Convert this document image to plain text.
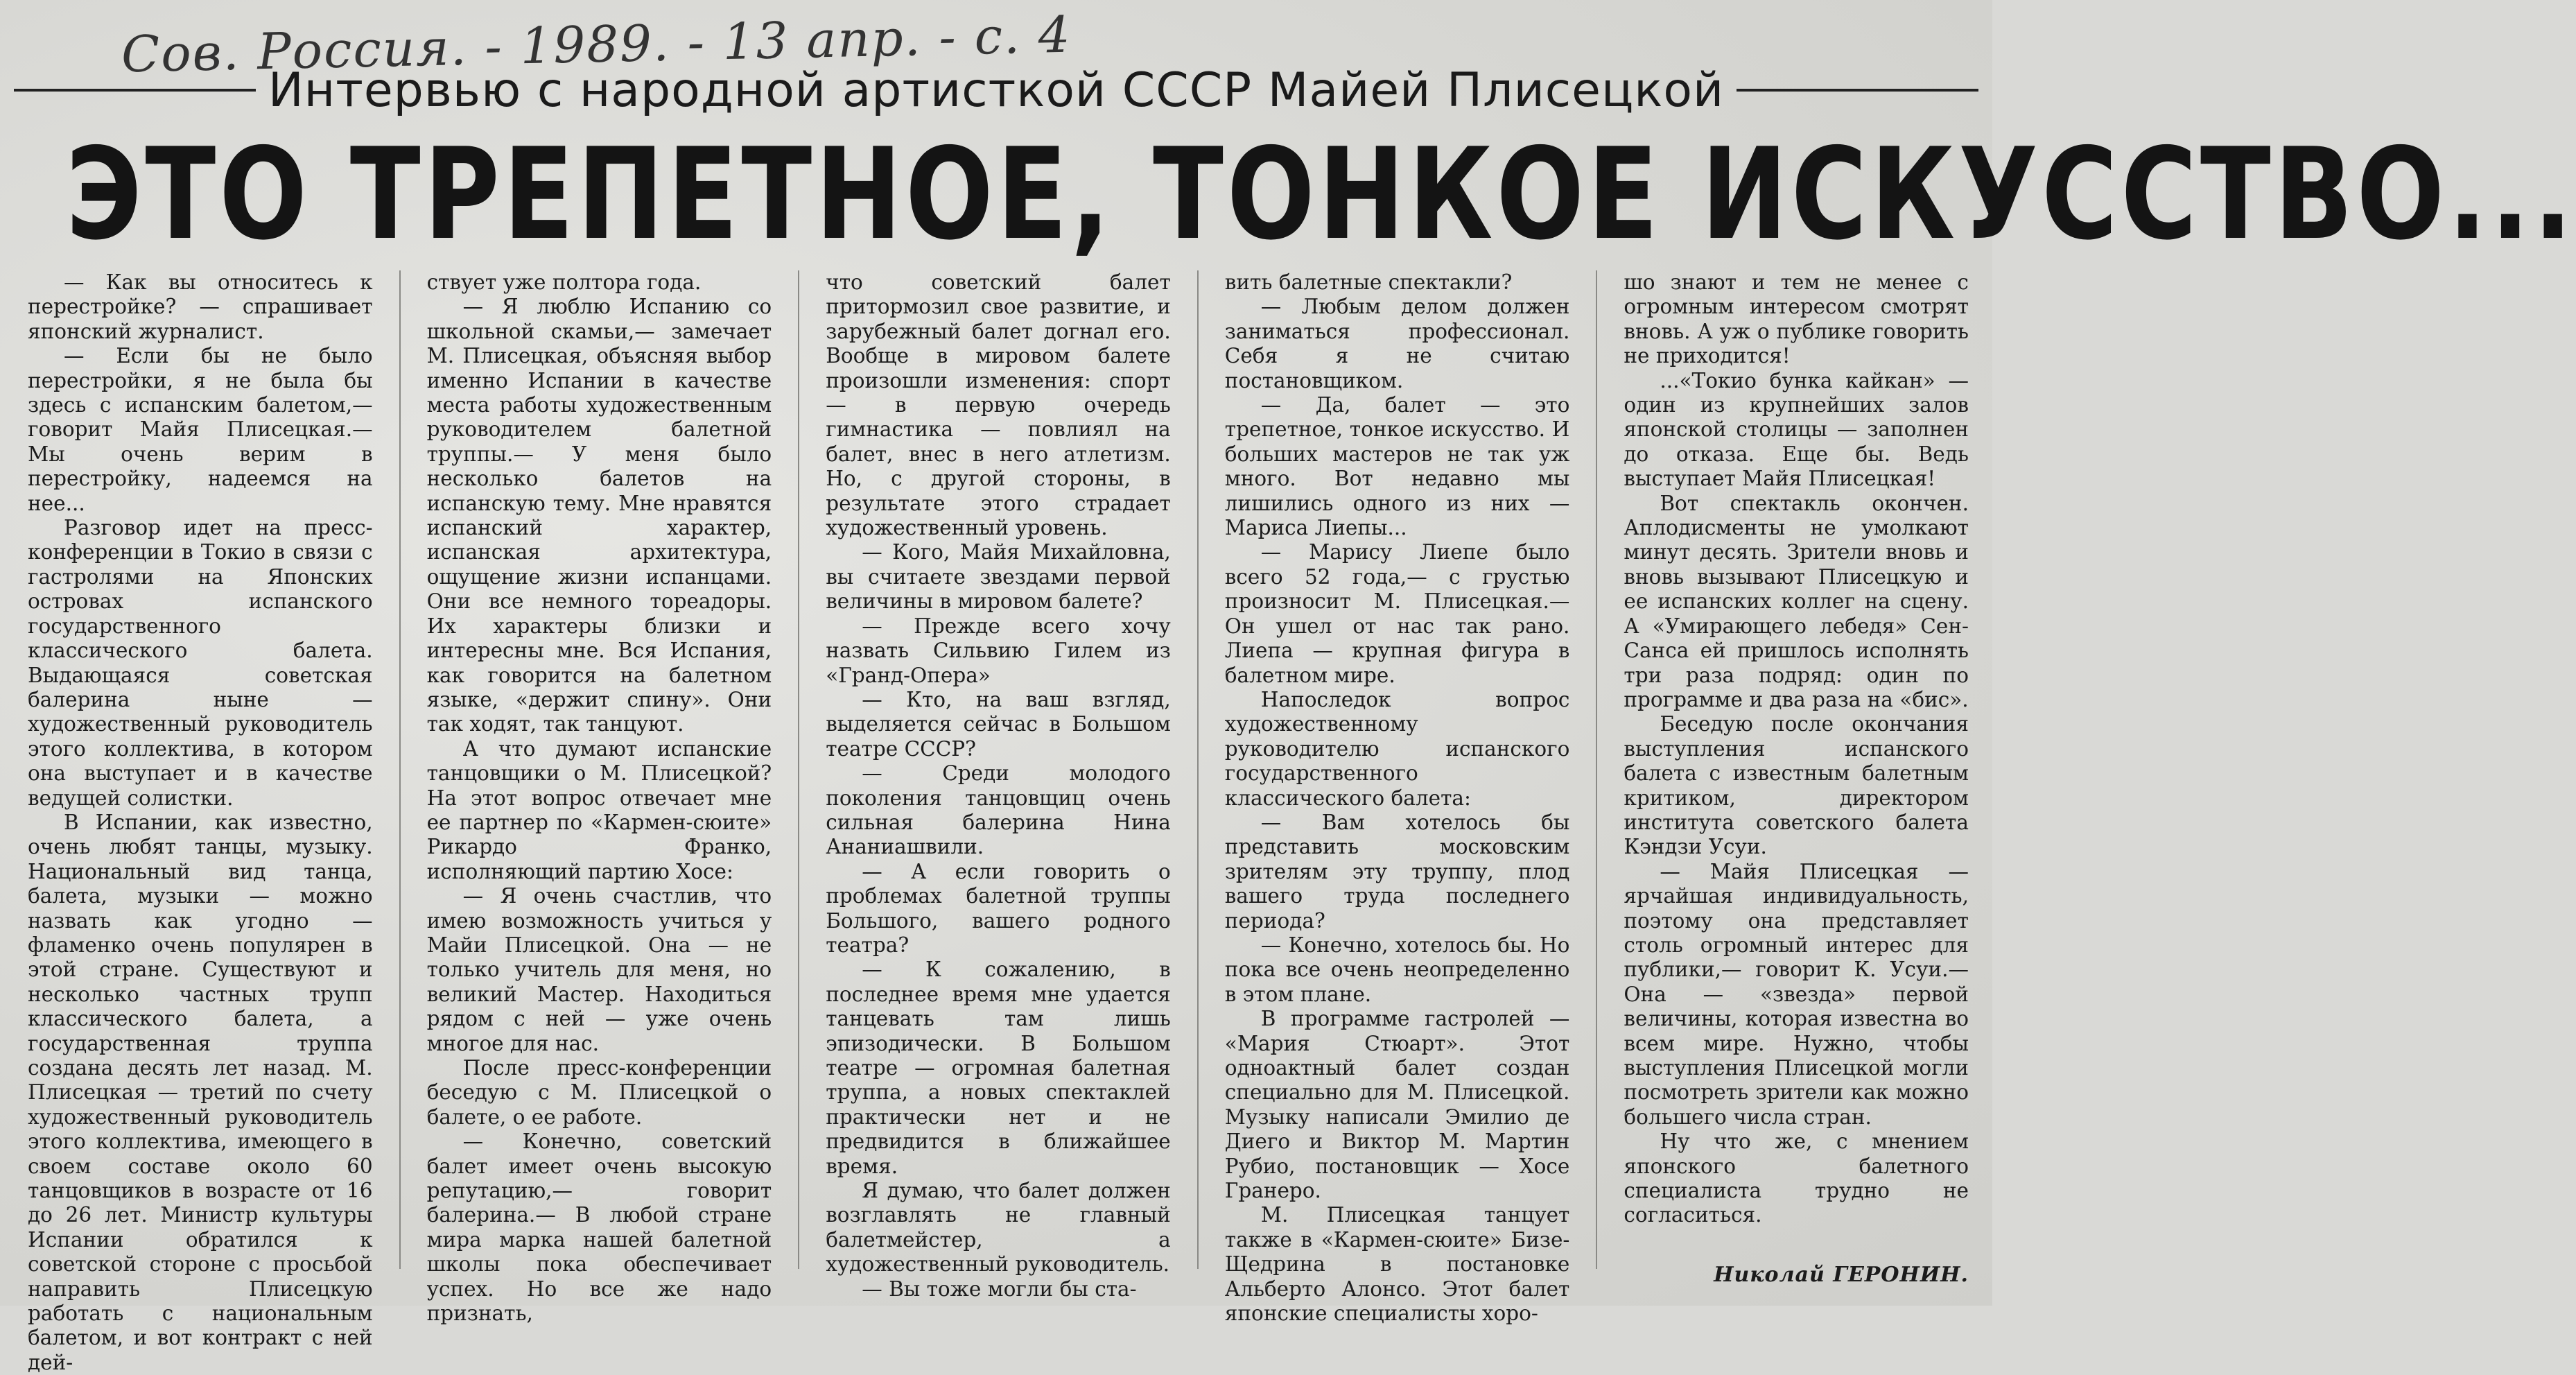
Сов. Россия. - 1989. - 13 апр. - с. 4
Интервью с народной артисткой СССР Майей Плисецкой
ЭТО ТРЕПЕТНОЕ, ТОНКОЕ ИСКУССТВО...

— Как вы относитесь к перестройке? — спрашивает японский журналист.

— Если бы не было перестройки, я не была бы здесь с испанским балетом,— говорит Майя Плисецкая.— Мы очень верим в перестройку, надеемся на нее...

Разговор идет на пресс-конференции в Токио в связи с гастролями на Японских островах испанского государственного классического балета. Выдающаяся советская балерина ныне — художественный руководитель этого коллектива, в котором она выступает и в качестве ведущей солистки.

В Испании, как известно, очень любят танцы, музыку. Национальный вид танца, балета, музыки — можно назвать как угодно — фламенко очень популярен в этой стране. Существуют и несколько частных трупп классического балета, а государственная труппа создана десять лет назад. М. Плисецкая — третий по счету художественный руководитель этого коллектива, имеющего в своем составе около 60 танцовщиков в возрасте от 16 до 26 лет. Министр культуры Испании обратился к советской стороне с просьбой направить Плисецкую работать с национальным балетом, и вот контракт с ней дей-

ствует уже полтора года.

— Я люблю Испанию со школьной скамьи,— замечает М. Плисецкая, объясняя выбор именно Испании в качестве места работы художественным руководителем балетной труппы.— У меня было несколько балетов на испанскую тему. Мне нравятся испанский характер, испанская архитектура, ощущение жизни испанцами. Они все немного тореадоры. Их характеры близки и интересны мне. Вся Испания, как говорится на балетном языке, «держит спину». Они так ходят, так танцуют.

А что думают испанские танцовщики о М. Плисецкой? На этот вопрос отвечает мне ее партнер по «Кармен-сюите» Рикардо Франко, исполняющий партию Хосе:

— Я очень счастлив, что имею возможность учиться у Майи Плисецкой. Она — не только учитель для меня, но великий Мастер. Находиться рядом с ней — уже очень многое для нас.

После пресс-конференции беседую с М. Плисецкой о балете, о ее работе.

— Конечно, советский балет имеет очень высокую репутацию,— говорит балерина.— В любой стране мира марка нашей балетной школы пока обеспечивает успех. Но все же надо признать,

что советский балет притормозил свое развитие, и зарубежный балет догнал его. Вообще в мировом балете произошли изменения: спорт — в первую очередь гимнастика — повлиял на балет, внес в него атлетизм. Но, с другой стороны, в результате этого страдает художественный уровень.

— Кого, Майя Михайловна, вы считаете звездами первой величины в мировом балете?

— Прежде всего хочу назвать Сильвию Гилем из «Гранд-Опера»

— Кто, на ваш взгляд, выделяется сейчас в Большом театре СССР?

— Среди молодого поколения танцовщиц очень сильная балерина Нина Ананиашвили.

— А если говорить о проблемах балетной труппы Большого, вашего родного театра?

— К сожалению, в последнее время мне удается танцевать там лишь эпизодически. В Большом театре — огромная балетная труппа, а новых спектаклей практически нет и не предвидится в ближайшее время.

Я думаю, что балет должен возглавлять не главный балетмейстер, а художественный руководитель.

— Вы тоже могли бы ста-

вить балетные спектакли?

— Любым делом должен заниматься профессионал. Себя я не считаю постановщиком.

— Да, балет — это трепетное, тонкое искусство. И больших мастеров не так уж много. Вот недавно мы лишились одного из них — Мариса Лиепы...

— Марису Лиепе было всего 52 года,— с грустью произносит М. Плисецкая.— Он ушел от нас так рано. Лиепа — крупная фигура в балетном мире.

Напоследок вопрос художественному руководителю испанского государственного классического балета:

— Вам хотелось бы представить московским зрителям эту труппу, плод вашего труда последнего периода?

— Конечно, хотелось бы. Но пока все очень неопределенно в этом плане.

В программе гастролей — «Мария Стюарт». Этот одноактный балет создан специально для М. Плисецкой. Музыку написали Эмилио де Диего и Виктор М. Мартин Рубио, постановщик — Хосе Гранеро.

М. Плисецкая танцует также в «Кармен-сюите» Бизе-Щедрина в постановке Альберто Алонсо. Этот балет японские специалисты хоро-

шо знают и тем не менее с огромным интересом смотрят вновь. А уж о публике говорить не приходится!

...«Токио бунка кайкан» — один из крупнейших залов японской столицы — заполнен до отказа. Еще бы. Ведь выступает Майя Плисецкая!

Вот спектакль окончен. Аплодисменты не умолкают минут десять. Зрители вновь и вновь вызывают Плисецкую и ее испанских коллег на сцену. А «Умирающего лебедя» Сен-Санса ей пришлось исполнять три раза подряд: один по программе и два раза на «бис».

Беседую после окончания выступления испанского балета с известным балетным критиком, директором института советского балета Кэндзи Усуи.

— Майя Плисецкая — ярчайшая индивидуальность, поэтому она представляет столь огромный интерес для публики,— говорит К. Усуи.— Она — «звезда» первой величины, которая известна во всем мире. Нужно, чтобы выступления Плисецкой могли посмотреть зрители как можно большего числа стран.

Ну что же, с мнением японского балетного специалиста трудно не согласиться.

Николай ГЕРОНИН.
